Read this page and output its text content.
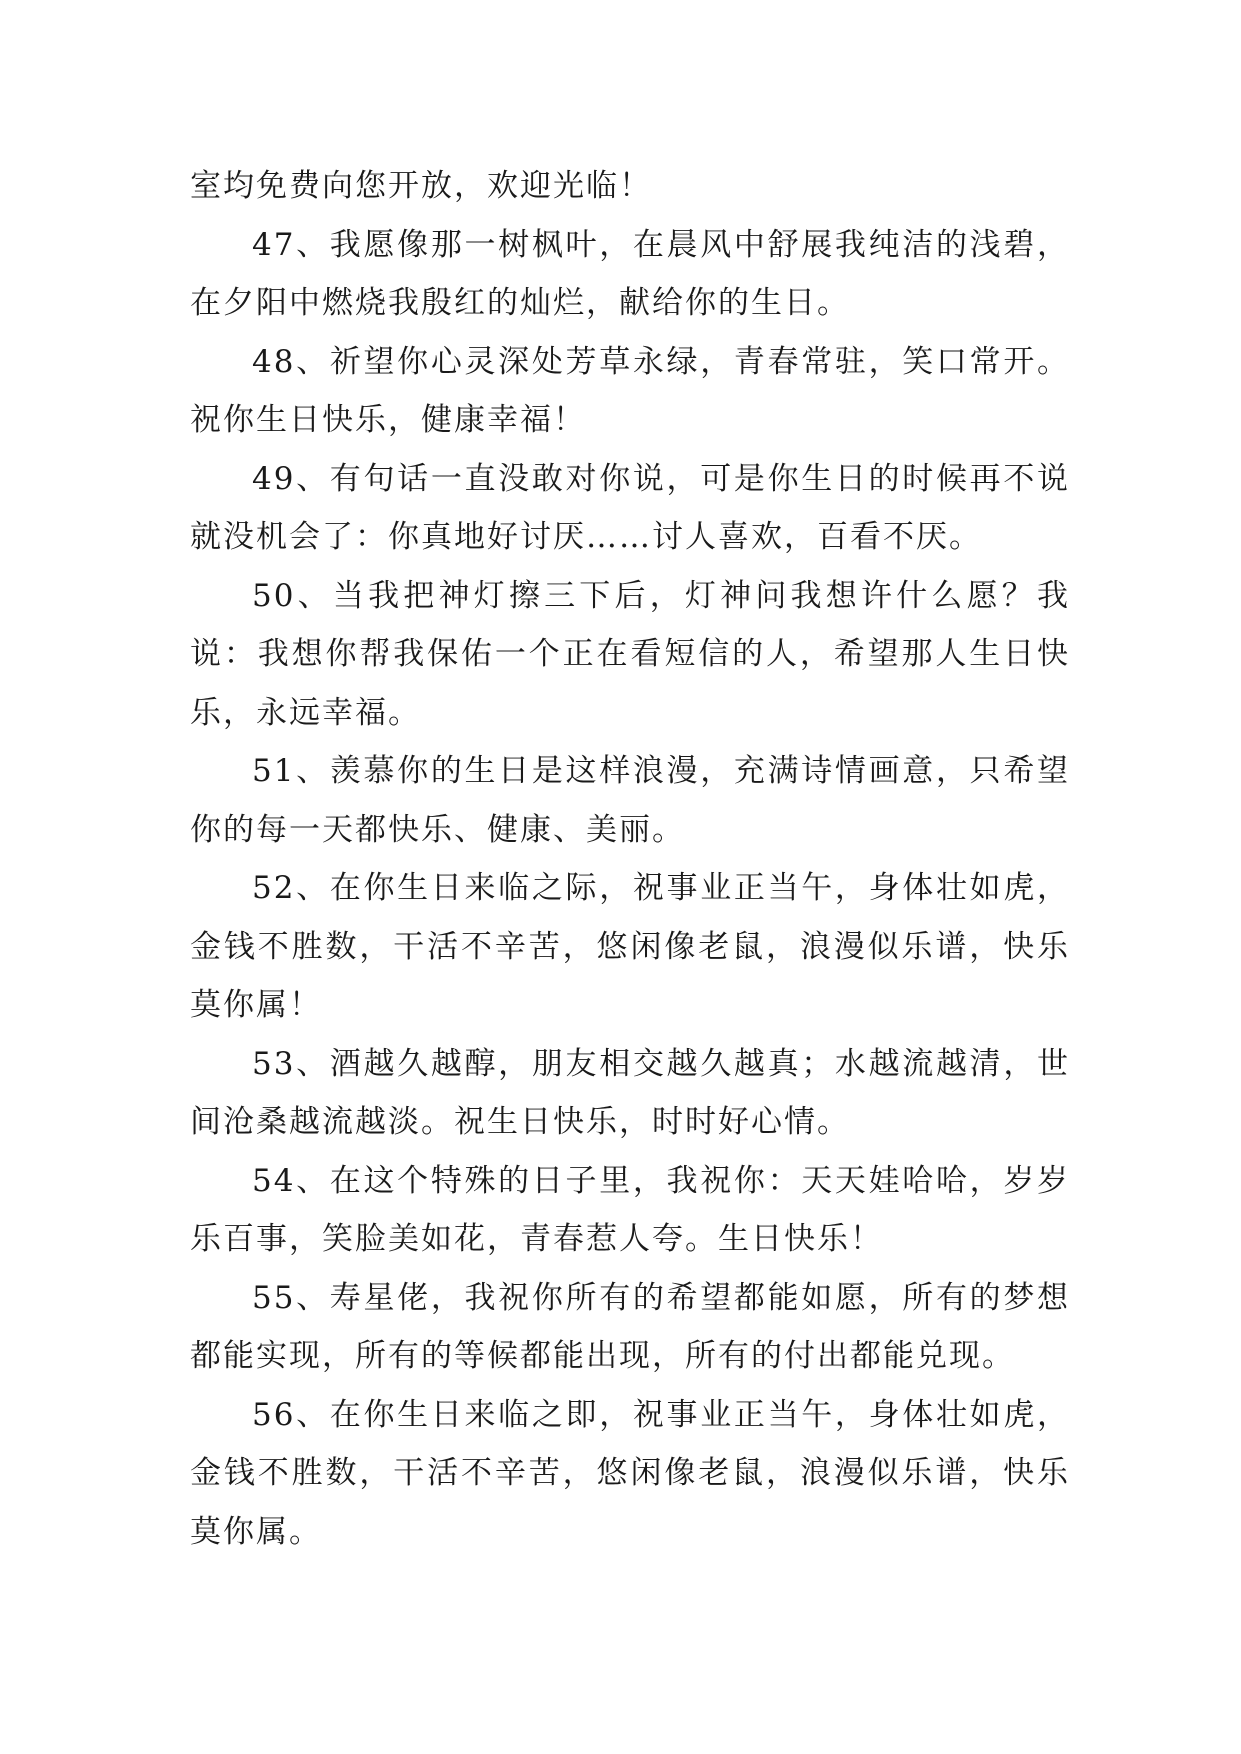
室均免费向您开放，欢迎光临！

47、我愿像那一树枫叶，在晨风中舒展我纯洁的浅碧，在夕阳中燃烧我殷红的灿烂，献给你的生日。

48、祈望你心灵深处芳草永绿，青春常驻，笑口常开。祝你生日快乐，健康幸福！

49、有句话一直没敢对你说，可是你生日的时候再不说就没机会了：你真地好讨厌……讨人喜欢，百看不厌。

50、当我把神灯擦三下后，灯神问我想许什么愿？我说：我想你帮我保佑一个正在看短信的人，希望那人生日快乐，永远幸福。

51、羡慕你的生日是这样浪漫，充满诗情画意，只希望你的每一天都快乐、健康、美丽。

52、在你生日来临之际，祝事业正当午，身体壮如虎，金钱不胜数，干活不辛苦，悠闲像老鼠，浪漫似乐谱，快乐莫你属！

53、酒越久越醇，朋友相交越久越真；水越流越清，世间沧桑越流越淡。祝生日快乐，时时好心情。

54、在这个特殊的日子里，我祝你：天天娃哈哈，岁岁乐百事，笑脸美如花，青春惹人夸。生日快乐！

55、寿星佬，我祝你所有的希望都能如愿，所有的梦想都能实现，所有的等候都能出现，所有的付出都能兑现。

56、在你生日来临之即，祝事业正当午，身体壮如虎，金钱不胜数，干活不辛苦，悠闲像老鼠，浪漫似乐谱，快乐莫你属。
